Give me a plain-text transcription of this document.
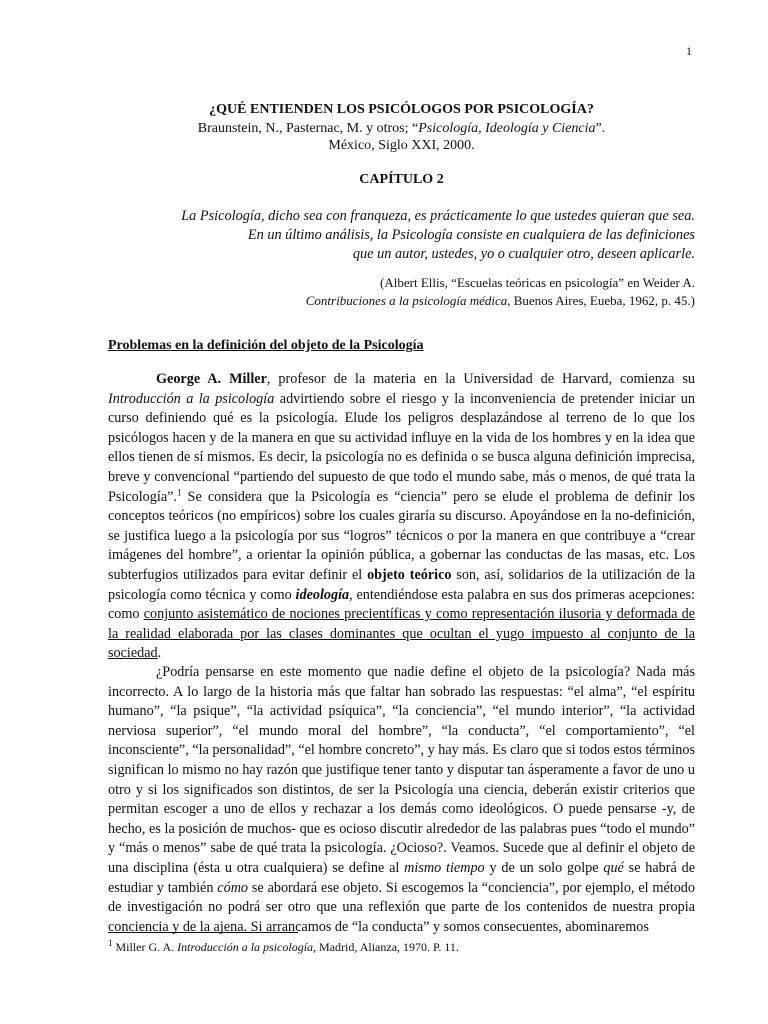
1
¿QUÉ ENTIENDEN LOS PSICÓLOGOS POR PSICOLOGÍA?
Braunstein, N., Pasternac, M. y otros; “Psicología, Ideología y Ciencia”.
México, Siglo XXI, 2000.
CAPÍTULO 2
La Psicología, dicho sea con franqueza, es prácticamente lo que ustedes quieran que sea.
En un último análisis, la Psicología consiste en cualquiera de las definiciones
que un autor, ustedes, yo o cualquier otro, deseen aplicarle.
(Albert Ellis, “Escuelas teóricas en psicología” en Weider A.
Contribuciones a la psicología médica, Buenos Aires, Eueba, 1962, p. 45.)
Problemas en la definición del objeto de la Psicología

George A. Miller, profesor de la materia en la Universidad de Harvard, comienza su Introducción a la psicología advirtiendo sobre el riesgo y la inconveniencia de pretender iniciar un curso definiendo qué es la psicología. Elude los peligros desplazándose al terreno de lo que los psicólogos hacen y de la manera en que su actividad influye en la vida de los hombres y en la idea que ellos tienen de sí mismos. Es decir, la psicología no es definida o se busca alguna definición imprecisa, breve y convencional “partiendo del supuesto de que todo el mundo sabe, más o menos, de qué trata la Psicología”.$^1$ Se considera que la Psicología es “ciencia” pero se elude el problema de definir los conceptos teóricos (no empíricos) sobre los cuales giraría su discurso. Apoyándose en la no-definición, se justifica luego a la psicología por sus “logros” técnicos o por la manera en que contribuye a “crear imágenes del hombre”, a orientar la opinión pública, a gobernar las conductas de las masas, etc. Los subterfugios utilizados para evitar definir el objeto teórico son, así, solidarios de la utilización de la psicología como técnica y como ideología, entendiéndose esta palabra en sus dos primeras acepciones: como conjunto asistemático de nociones precientíficas y como representación ilusoria y deformada de la realidad elaborada por las clases dominantes que ocultan el yugo impuesto al conjunto de la sociedad.

¿Podría pensarse en este momento que nadie define el objeto de la psicología? Nada más incorrecto. A lo largo de la historia más que faltar han sobrado las respuestas: “el alma”, “el espíritu humano”, “la psique”, “la actividad psíquica”, “la conciencia”, “el mundo interior”, “la actividad nerviosa superior”, “el mundo moral del hombre”, “la conducta”, “el comportamiento”, “el inconsciente”, “la personalidad”, “el hombre concreto”, y hay más. Es claro que si todos estos términos significan lo mismo no hay razón que justifique tener tanto y disputar tan ásperamente a favor de uno u otro y si los significados son distintos, de ser la Psicología una ciencia, deberán existir criterios que permitan escoger a uno de ellos y rechazar a los demás como ideológicos. O puede pensarse -y, de hecho, es la posición de muchos- que es ocioso discutir alrededor de las palabras pues “todo el mundo” y “más o menos” sabe de qué trata la psicología. ¿Ocioso?. Veamos. Sucede que al definir el objeto de una disciplina (ésta u otra cualquiera) se define al mismo tiempo y de un solo golpe qué se habrá de estudiar y también cómo se abordará ese objeto. Si escogemos la “conciencia”, por ejemplo, el método de investigación no podrá ser otro que una reflexión que parte de los contenidos de nuestra propia conciencia y de la ajena. Si arrancamos de “la conducta” y somos consecuentes, abominaremos

$^1$ Miller G. A. Introducción a la psicología, Madrid, Alianza, 1970. P. 11.
